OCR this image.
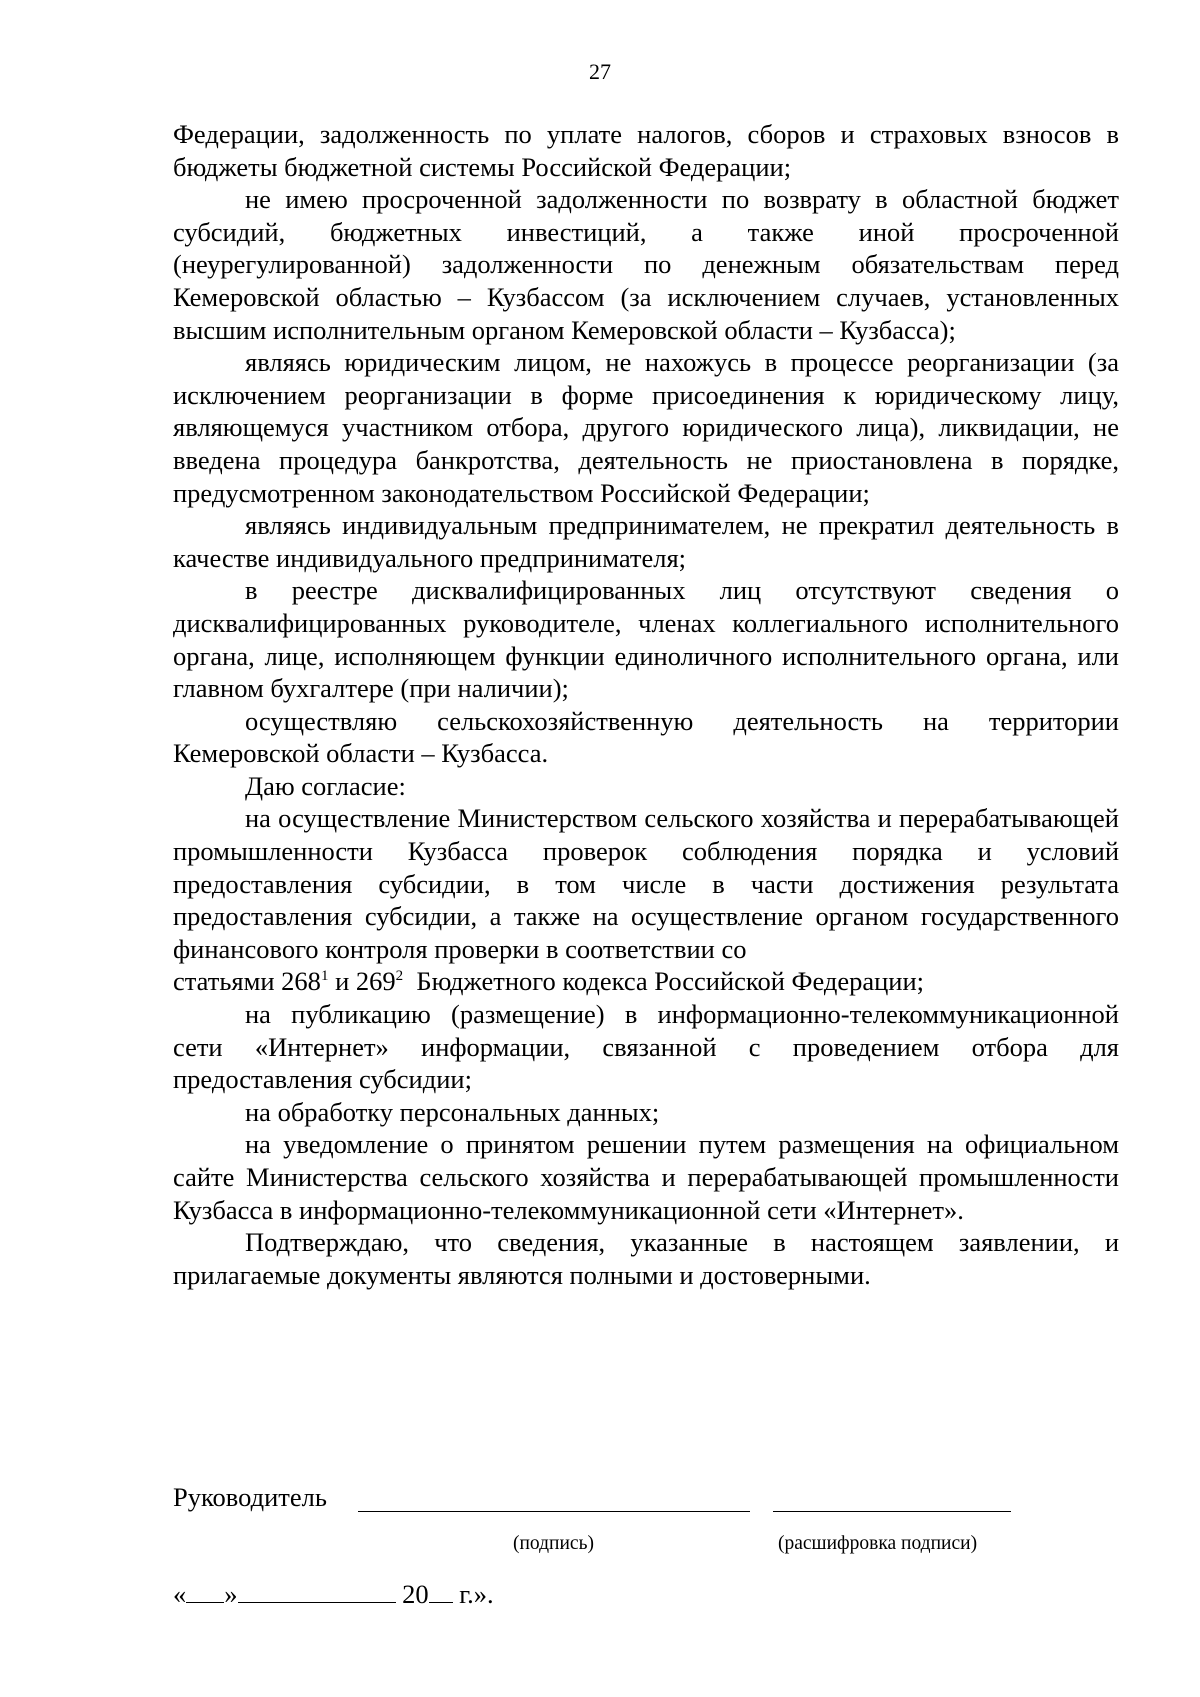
27

Федерации, задолженность по уплате налогов, сборов и страховых взносов в бюджеты бюджетной системы Российской Федерации;

не имею просроченной задолженности по возврату в областной бюджет субсидий, бюджетных инвестиций, а также иной просроченной (неурегулированной) задолженности по денежным обязательствам перед Кемеровской областью – Кузбассом (за исключением случаев, установленных высшим исполнительным органом Кемеровской области – Кузбасса);

являясь юридическим лицом, не нахожусь в процессе реорганизации (за исключением реорганизации в форме присоединения к юридическому лицу, являющемуся участником отбора, другого юридического лица), ликвидации, не введена процедура банкротства, деятельность не приостановлена в порядке, предусмотренном законодательством Российской Федерации;

являясь индивидуальным предпринимателем, не прекратил деятельность в качестве индивидуального предпринимателя;

в реестре дисквалифицированных лиц отсутствуют сведения о дисквалифицированных руководителе, членах коллегиального исполнительного органа, лице, исполняющем функции единоличного исполнительного органа, или главном бухгалтере (при наличии);

осуществляю сельскохозяйственную деятельность на территории Кемеровской области – Кузбасса.

Даю согласие:

на осуществление Министерством сельского хозяйства и перерабатывающей промышленности Кузбасса проверок соблюдения порядка и условий предоставления субсидии, в том числе в части достижения результата предоставления субсидии, а также на осуществление органом государственного финансового контроля проверки в соответствии со

статьями $268^1$ и $269^2$  Бюджетного кодекса Российской Федерации;

на публикацию (размещение) в информационно-телекоммуникационной сети «Интернет» информации, связанной с проведением отбора для предоставления субсидии;

на обработку персональных данных;

на уведомление о принятом решении путем размещения на официальном сайте Министерства сельского хозяйства и перерабатывающей промышленности Кузбасса в информационно-телекоммуникационной сети «Интернет».

Подтверждаю, что сведения, указанные в настоящем заявлении, и прилагаемые документы являются полными и достоверными.

Руководитель
(подпись)	(расшифровка подписи)
« »	20 г.».
